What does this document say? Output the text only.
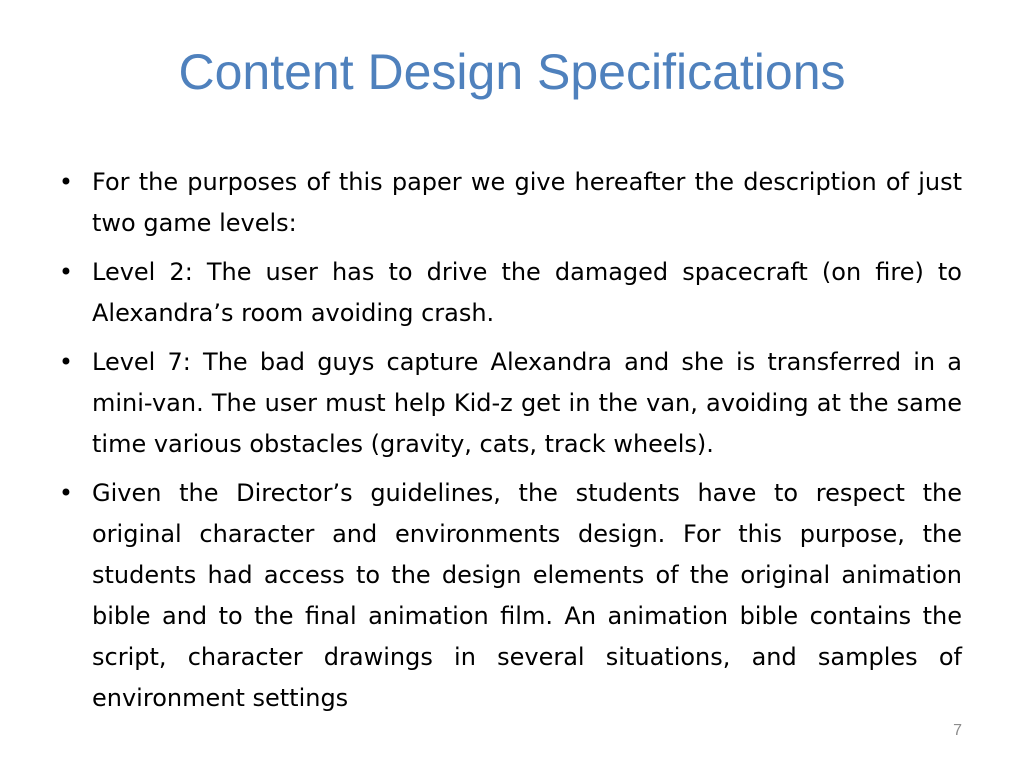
Content Design Specifications
• For the purposes of this paper we give hereafter the description of just two game levels:
• Level 2: The user has to drive the damaged spacecraft (on fire) to Alexandra’s room avoiding crash.
• Level 7: The bad guys capture Alexandra and she is transferred in a mini-van. The user must help Kid-z get in the van, avoiding at the same time various obstacles (gravity, cats, track wheels).
• Given the Director’s guidelines, the students have to respect the original character and environments design. For this purpose, the students had access to the design elements of the original animation bible and to the final animation film. An animation bible contains the script, character drawings in several situations, and samples of environment settings
7
